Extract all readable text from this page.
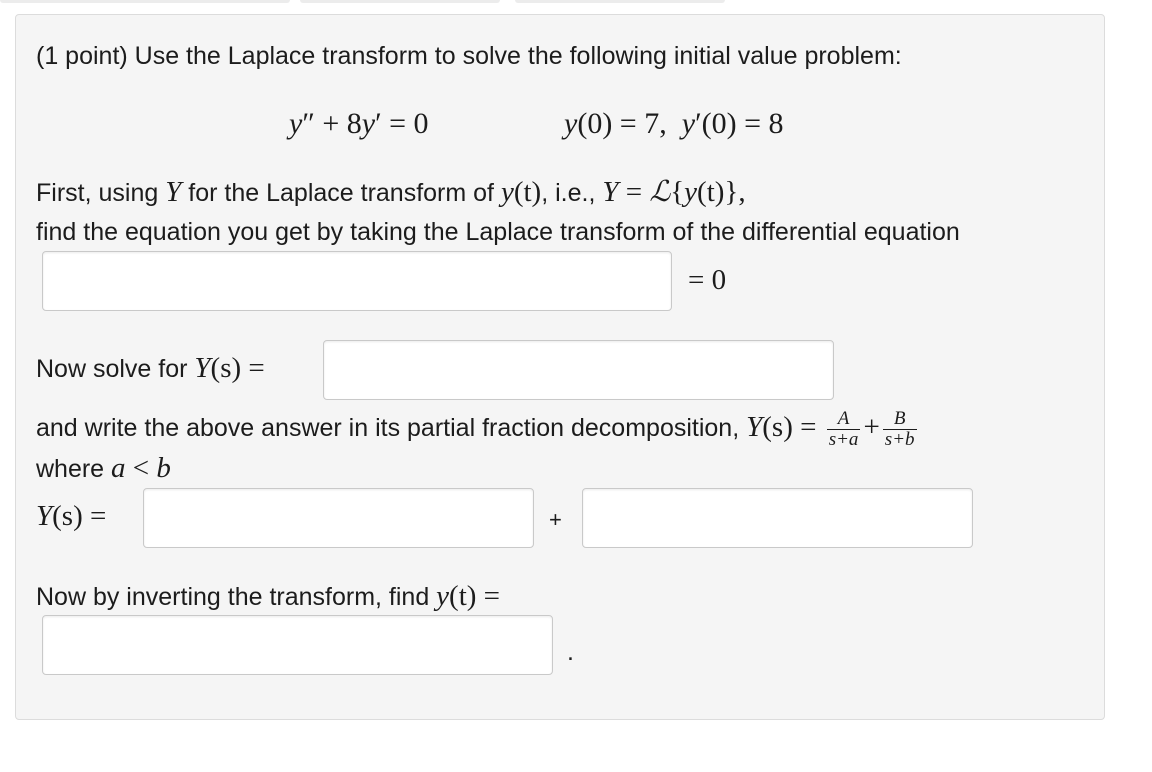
(1 point) Use the Laplace transform to solve the following initial value problem:
y″ + 8y′ = 0	y(0) = 7, y′(0) = 8
First, using Y for the Laplace transform of y(t), i.e., Y = ℒ{y(t)},
find the equation you get by taking the Laplace transform of the differential equation
= 0
Now solve for Y(s) =
and write the above answer in its partial fraction decomposition, $Y(s) = \frac{A}{s+a} + \frac{B}{s+b}$
where a < b
Y(s) =	+
Now by inverting the transform, find y(t) =
.
